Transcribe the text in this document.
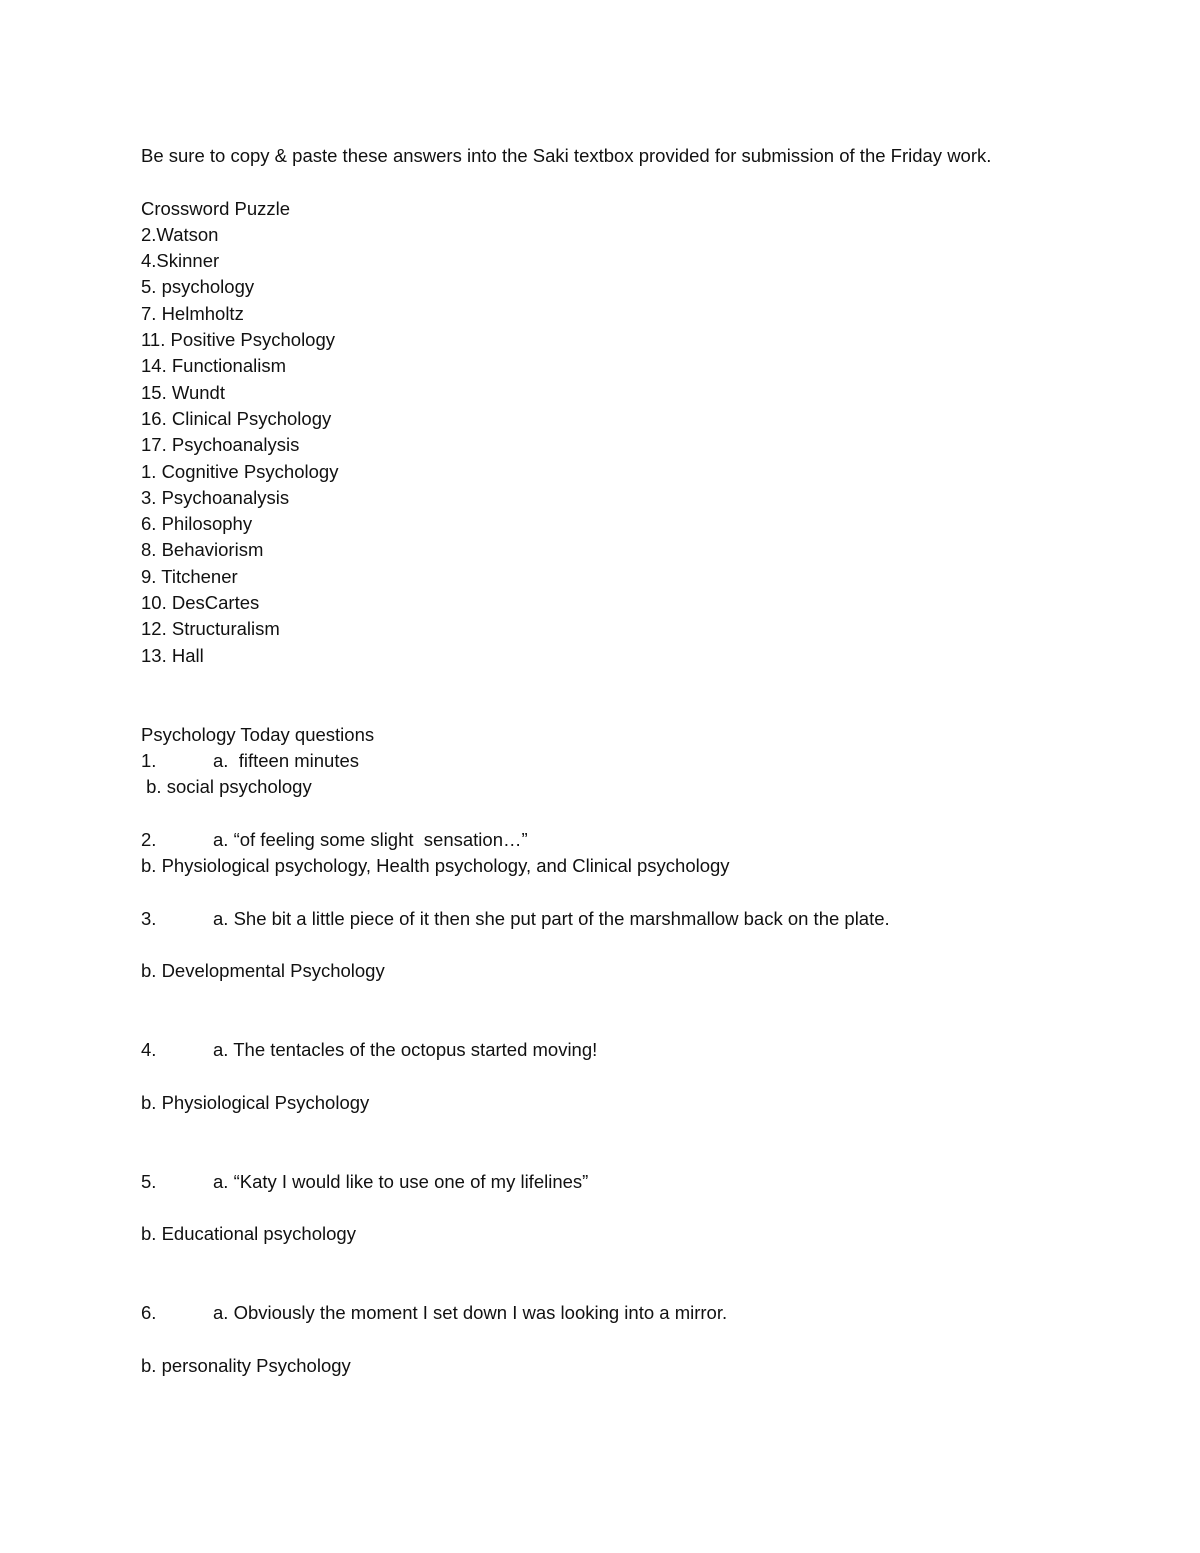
Be sure to copy & paste these answers into the Saki textbox provided for submission of the Friday work.
Crossword Puzzle
2.Watson
4.Skinner
5. psychology
7. Helmholtz
11. Positive Psychology
14. Functionalism
15. Wundt
16. Clinical Psychology
17. Psychoanalysis
1. Cognitive Psychology
3. Psychoanalysis
6. Philosophy
8. Behaviorism
9. Titchener
10. DesCartes
12. Structuralism
13. Hall
Psychology Today questions
1.	a.  fifteen minutes
b. social psychology
2.	a. “of feeling some slight  sensation…”
b. Physiological psychology, Health psychology, and Clinical psychology
3.	a. She bit a little piece of it then she put part of the marshmallow back on the plate.
b. Developmental Psychology
4.	a. The tentacles of the octopus started moving!
b. Physiological Psychology
5.	a. “Katy I would like to use one of my lifelines”
b. Educational psychology
6.	a. Obviously the moment I set down I was looking into a mirror.
b. personality Psychology
